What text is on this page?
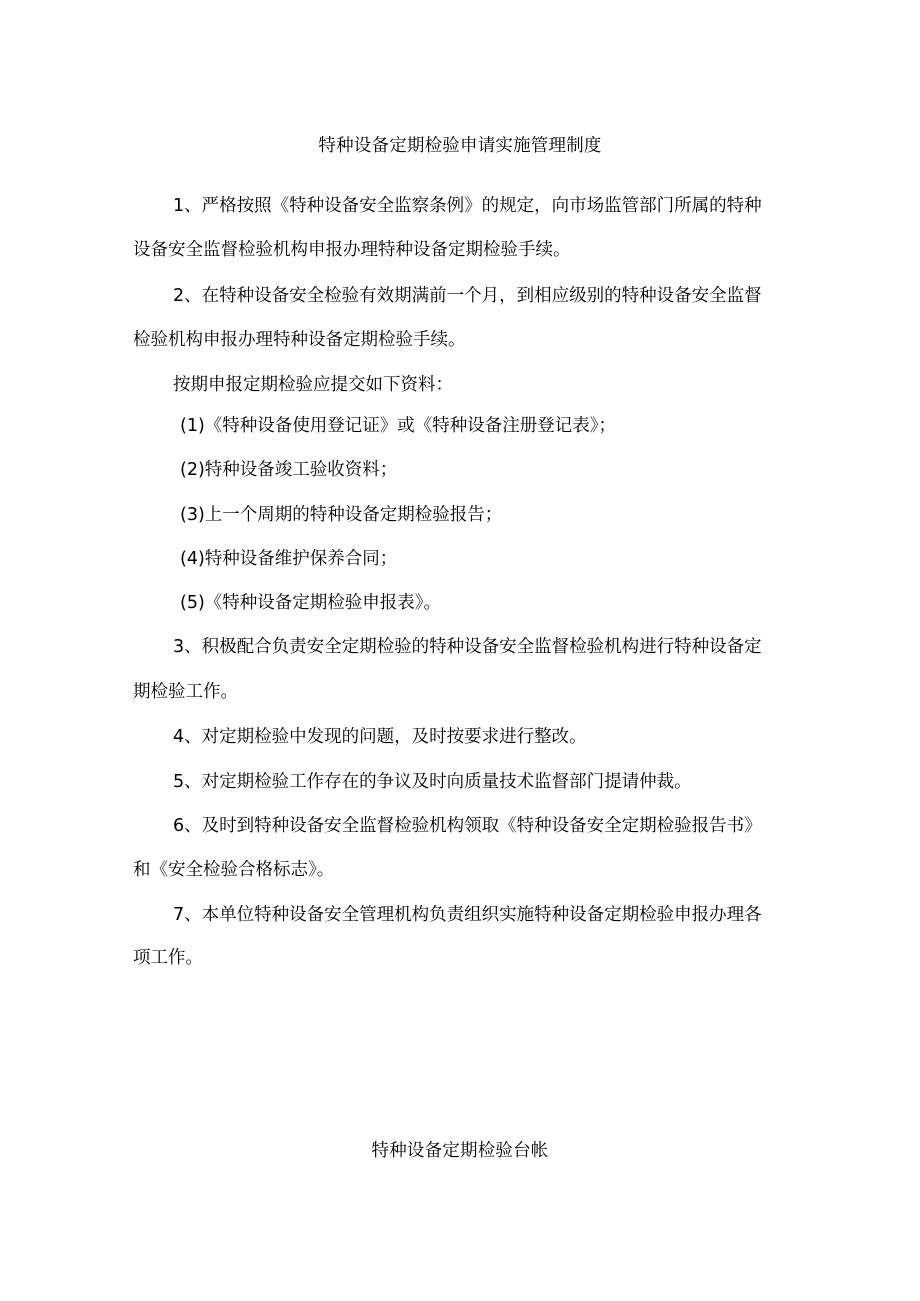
特种设备定期检验申请实施管理制度
1、严格按照《特种设备安全监察条例》的规定，向市场监管部门所属的特种
设备安全监督检验机构申报办理特种设备定期检验手续。
2、在特种设备安全检验有效期满前一个月，到相应级别的特种设备安全监督
检验机构申报办理特种设备定期检验手续。
按期申报定期检验应提交如下资料：
(1)《特种设备使用登记证》或《特种设备注册登记表》；
(2)特种设备竣工验收资料；
(3)上一个周期的特种设备定期检验报告；
(4)特种设备维护保养合同；
(5)《特种设备定期检验申报表》。
3、积极配合负责安全定期检验的特种设备安全监督检验机构进行特种设备定
期检验工作。
4、对定期检验中发现的问题，及时按要求进行整改。
5、对定期检验工作存在的争议及时向质量技术监督部门提请仲裁。
6、及时到特种设备安全监督检验机构领取《特种设备安全定期检验报告书》
和《安全检验合格标志》。
7、本单位特种设备安全管理机构负责组织实施特种设备定期检验申报办理各
项工作。
特种设备定期检验台帐
